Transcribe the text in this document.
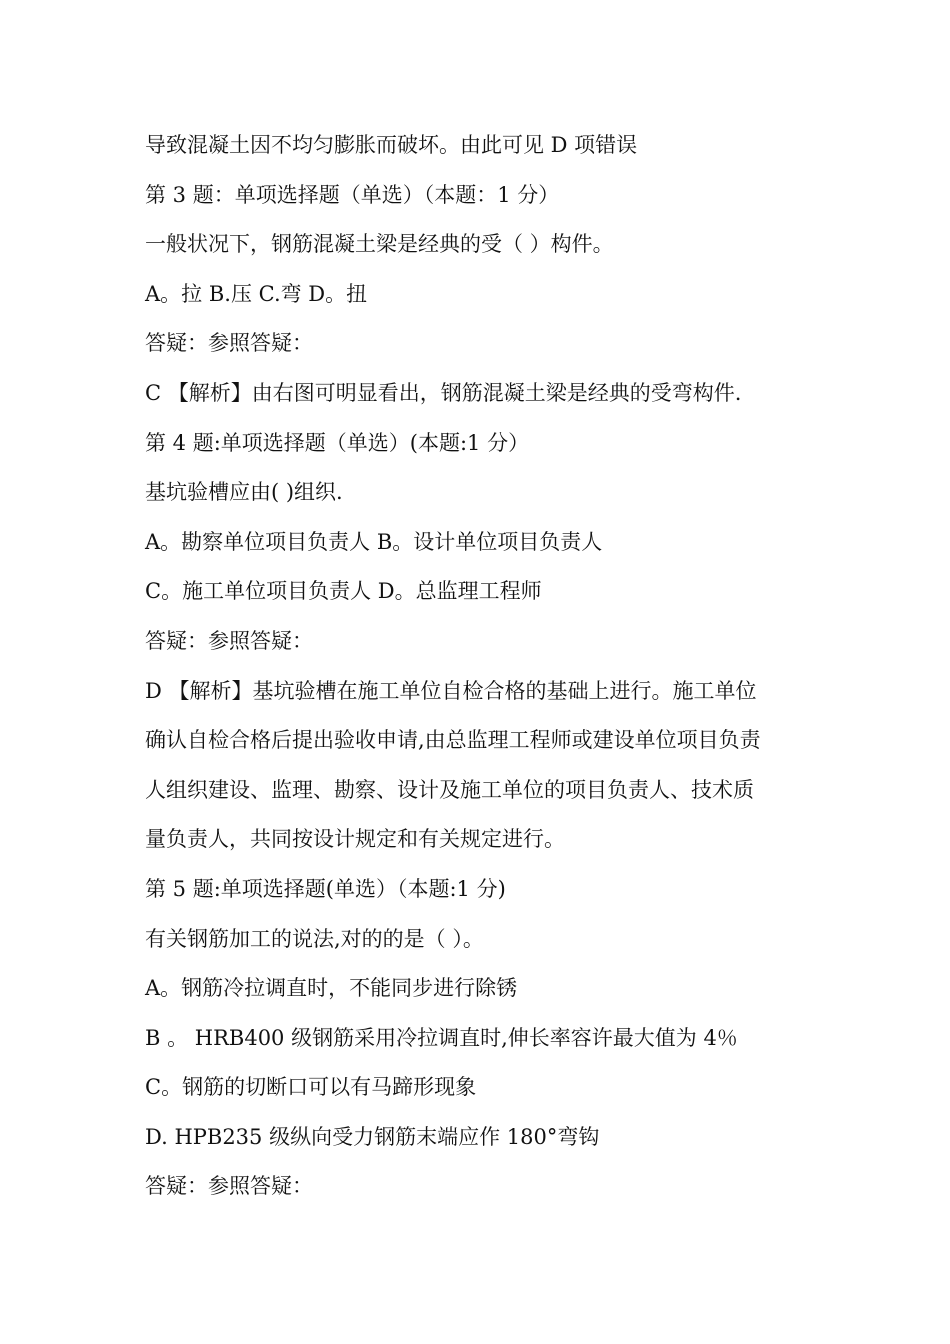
导致混凝土因不均匀膨胀而破坏。由此可见 D 项错误

第 3 题：单项选择题（单选）（本题：1 分）

一般状况下，钢筋混凝土梁是经典的受（ ）构件。

A。拉 B.压 C.弯 D。扭

答疑：参照答疑：

C 【解析】由右图可明显看出，钢筋混凝土梁是经典的受弯构件.

第 4 题:单项选择题（单选）(本题:1 分）

基坑验槽应由( )组织.

A。勘察单位项目负责人 B。设计单位项目负责人

C。施工单位项目负责人 D。总监理工程师

答疑：参照答疑：

D 【解析】基坑验槽在施工单位自检合格的基础上进行。施工单位

确认自检合格后提出验收申请,由总监理工程师或建设单位项目负责

人组织建设、监理、勘察、设计及施工单位的项目负责人、技术质

量负责人，共同按设计规定和有关规定进行。

第 5 题:单项选择题(单选）（本题:1 分)

有关钢筋加工的说法,对的的是（ ）。

A。钢筋冷拉调直时，不能同步进行除锈

B 。 HRB400 级钢筋采用冷拉调直时,伸长率容许最大值为 4％

C。钢筋的切断口可以有马蹄形现象

D. HPB235 级纵向受力钢筋末端应作 180°弯钩

答疑：参照答疑：
